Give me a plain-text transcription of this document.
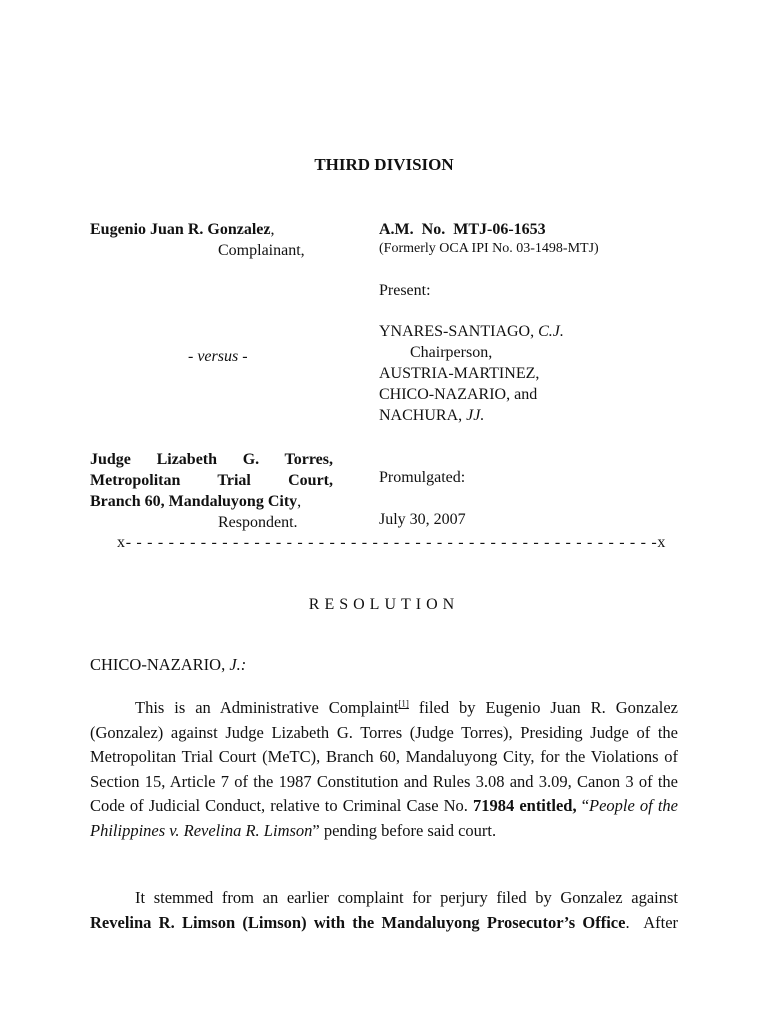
THIRD DIVISION
Eugenio Juan R. Gonzalez,
Complainant,
A.M.  No.  MTJ-06-1653
(Formerly OCA IPI No. 03-1498-MTJ)
Present:
YNARES-SANTIAGO, C.J.
Chairperson,
AUSTRIA-MARTINEZ,
CHICO-NAZARIO, and
NACHURA, JJ.
- versus -
Judge Lizabeth G. Torres,
Metropolitan Trial Court,
Branch 60, Mandaluyong City,
Respondent.
Promulgated:
July 30, 2007
x- - - - - - - - - - - - - - - - - - - - - - - - - - - - - - - - - - - - - - - - - - - - - - - - - -x
RESOLUTION
CHICO-NAZARIO, J.:
This is an Administrative Complaint[1] filed by Eugenio Juan R. Gonzalez (Gonzalez) against Judge Lizabeth G. Torres (Judge Torres), Presiding Judge of the Metropolitan Trial Court (MeTC), Branch 60, Mandaluyong City, for the Violations of Section 15, Article 7 of the 1987 Constitution and Rules 3.08 and 3.09, Canon 3 of the Code of Judicial Conduct, relative to Criminal Case No. 71984 entitled, “People of the Philippines v. Revelina R. Limson” pending before said court.
It stemmed from an earlier complaint for perjury filed by Gonzalez against
Revelina R. Limson (Limson) with the Mandaluyong Prosecutor’s Office.  After
